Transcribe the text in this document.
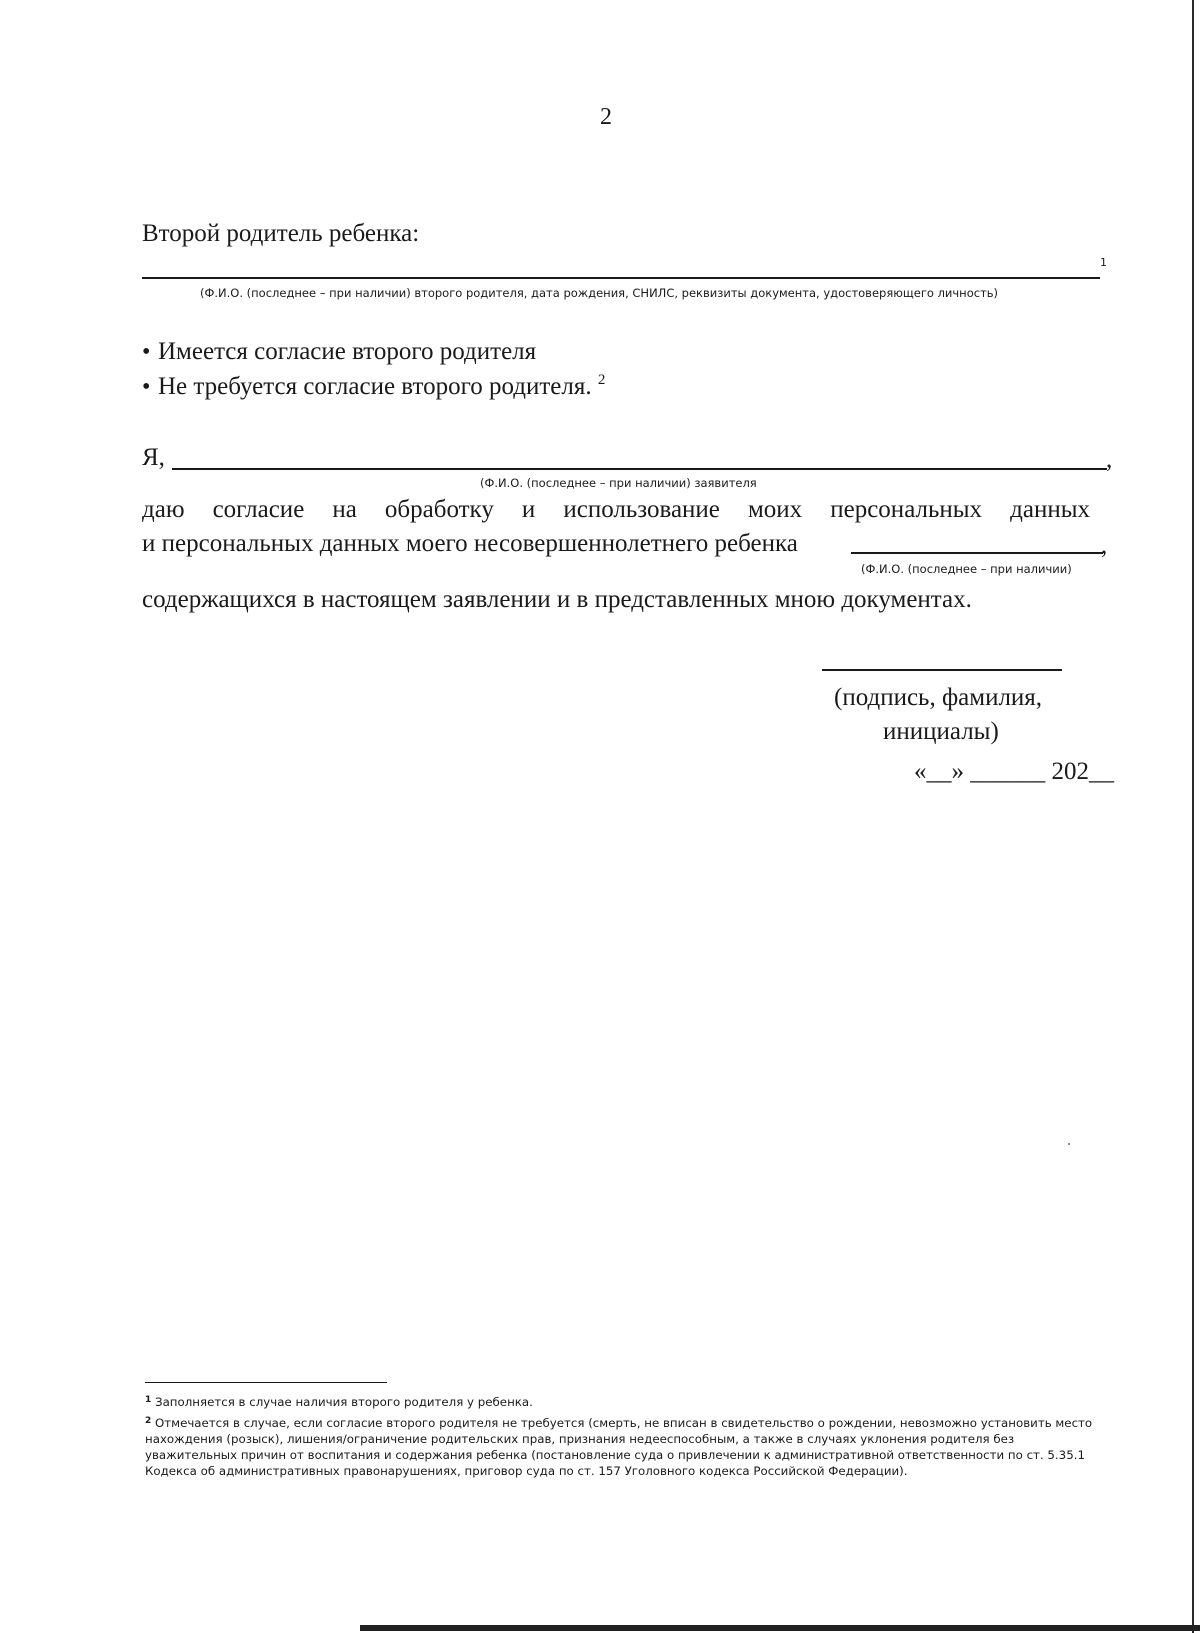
2
Второй родитель ребенка:
1
(Ф.И.О. (последнее – при наличии) второго родителя, дата рождения, СНИЛС, реквизиты документа, удостоверяющего личность)
• Имеется согласие второго родителя
• Не требуется согласие второго родителя. $^2$
Я,	,
(Ф.И.О. (последнее – при наличии) заявителя
даю согласие на обработку и использование моих персональных данных
и персональных данных моего несовершеннолетнего ребенка	,
(Ф.И.О. (последнее – при наличии)
содержащихся в настоящем заявлении и в представленных мною документах.
(подпись, фамилия,
инициалы)
«__» ______ 202__
$^1$ Заполняется в случае наличия второго родителя у ребенка.
$^2$ Отмечается в случае, если согласие второго родителя не требуется (смерть, не вписан в свидетельство о рождении, невозможно установить место нахождения (розыск), лишения/ограничение родительских прав, признания недееспособным, а также в случаях уклонения родителя без уважительных причин от воспитания и содержания ребенка (постановление суда о привлечении к административной ответственности по ст. 5.35.1 Кодекса об административных правонарушениях, приговор суда по ст. 157 Уголовного кодекса Российской Федерации).
